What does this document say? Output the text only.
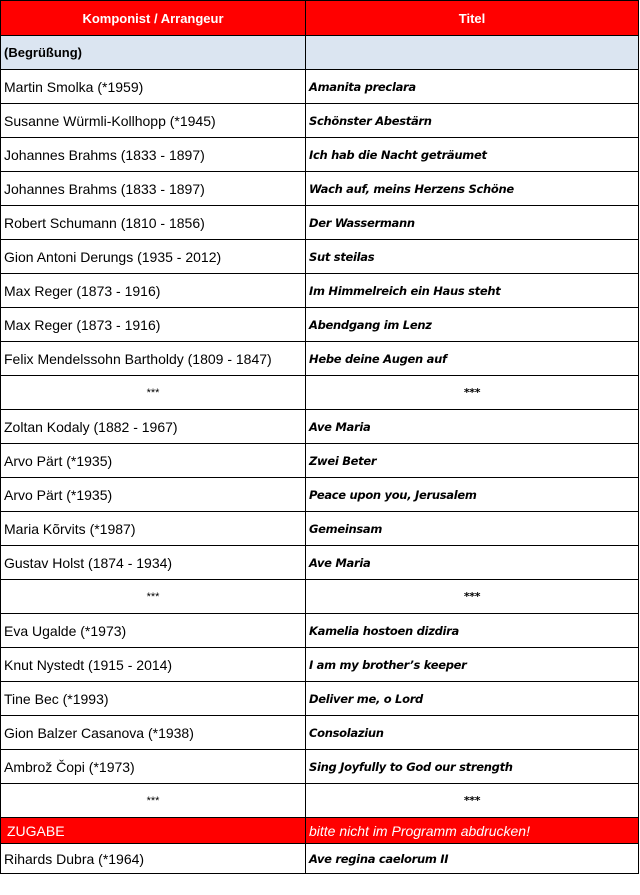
Komponist / Arrangeur	Titel
(Begrüßung)	
Martin Smolka (*1959)	Amanita preclara
Susanne Würmli-Kollhopp (*1945)	Schönster Abestärn
Johannes Brahms (1833 - 1897)	Ich hab die Nacht geträumet
Johannes Brahms (1833 - 1897)	Wach auf, meins Herzens Schöne
Robert Schumann (1810 - 1856)	Der Wassermann
Gion Antoni Derungs (1935 - 2012)	Sut steilas
Max Reger (1873 - 1916)	Im Himmelreich ein Haus steht
Max Reger (1873 - 1916)	Abendgang im Lenz
Felix Mendelssohn Bartholdy (1809 - 1847)	Hebe deine Augen auf
***	***
Zoltan Kodaly (1882 - 1967)	Ave Maria
Arvo Pärt (*1935)	Zwei Beter
Arvo Pärt (*1935)	Peace upon you, Jerusalem
Maria Kõrvits (*1987)	Gemeinsam
Gustav Holst (1874 - 1934)	Ave Maria
***	***
Eva Ugalde (*1973)	Kamelia hostoen dizdira
Knut Nystedt (1915 - 2014)	I am my brother’s keeper
Tine Bec (*1993)	Deliver me, o Lord
Gion Balzer Casanova (*1938)	Consolaziun
Ambrož Čopi (*1973)	Sing Joyfully to God our strength
***	***
ZUGABE	bitte nicht im Programm abdrucken!
Rihards Dubra (*1964)	Ave regina caelorum II
